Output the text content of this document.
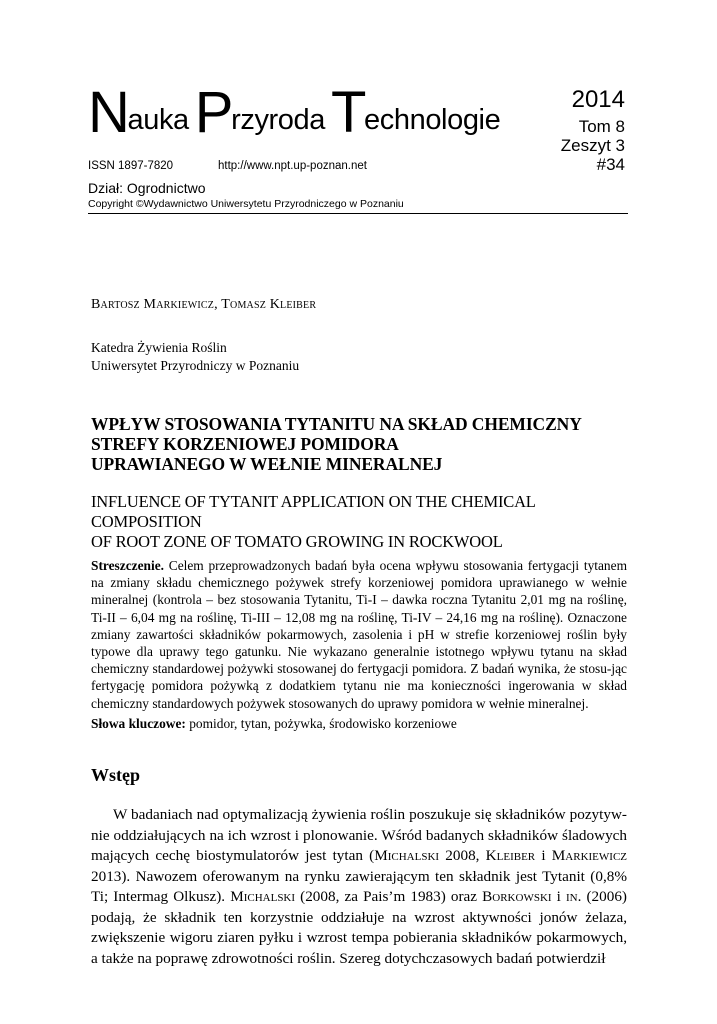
Nauka Przyroda Technologie
2014
Tom 8
Zeszyt 3
#34
ISSN 1897-7820	http://www.npt.up-poznan.net
Dział: Ogrodnictwo
Copyright ©Wydawnictwo Uniwersytetu Przyrodniczego w Poznaniu
Bartosz Markiewicz, Tomasz Kleiber
Katedra Żywienia Roślin
Uniwersytet Przyrodniczy w Poznaniu
WPŁYW STOSOWANIA TYTANITU NA SKŁAD CHEMICZNY
STREFY KORZENIOWEJ POMIDORA
UPRAWIANEGO W WEŁNIE MINERALNEJ
INFLUENCE OF TYTANIT APPLICATION ON THE CHEMICAL COMPOSITION
OF ROOT ZONE OF TOMATO GROWING IN ROCKWOOL
Streszczenie. Celem przeprowadzonych badań była ocena wpływu stosowania fertygacji tytanem na zmiany składu chemicznego pożywek strefy korzeniowej pomidora uprawianego w wełnie mineralnej (kontrola – bez stosowania Tytanitu, Ti-I – dawka roczna Tytanitu 2,01 mg na roślinę, Ti-II – 6,04 mg na roślinę, Ti-III – 12,08 mg na roślinę, Ti-IV – 24,16 mg na roślinę). Oznaczone zmiany zawartości składników pokarmowych, zasolenia i pH w strefie korzeniowej roślin były typowe dla uprawy tego gatunku. Nie wykazano generalnie istotnego wpływu tytanu na skład chemiczny standardowej pożywki stosowanej do fertygacji pomidora. Z badań wynika, że stosu-jąc fertygację pomidora pożywką z dodatkiem tytanu nie ma konieczności ingerowania w skład chemiczny standardowych pożywek stosowanych do uprawy pomidora w wełnie mineralnej.
Słowa kluczowe: pomidor, tytan, pożywka, środowisko korzeniowe
Wstęp
W badaniach nad optymalizacją żywienia roślin poszukuje się składników pozytyw-nie oddziałujących na ich wzrost i plonowanie. Wśród badanych składników śladowych mających cechę biostymulatorów jest tytan (Michalski 2008, Kleiber i Markiewicz 2013). Nawozem oferowanym na rynku zawierającym ten składnik jest Tytanit (0,8% Ti; Intermag Olkusz). Michalski (2008, za Pais’m 1983) oraz Borkowski i in. (2006) podają, że składnik ten korzystnie oddziałuje na wzrost aktywności jonów żelaza, zwiększenie wigoru ziaren pyłku i wzrost tempa pobierania składników pokarmowych, a także na poprawę zdrowotności roślin. Szereg dotychczasowych badań potwierdził
